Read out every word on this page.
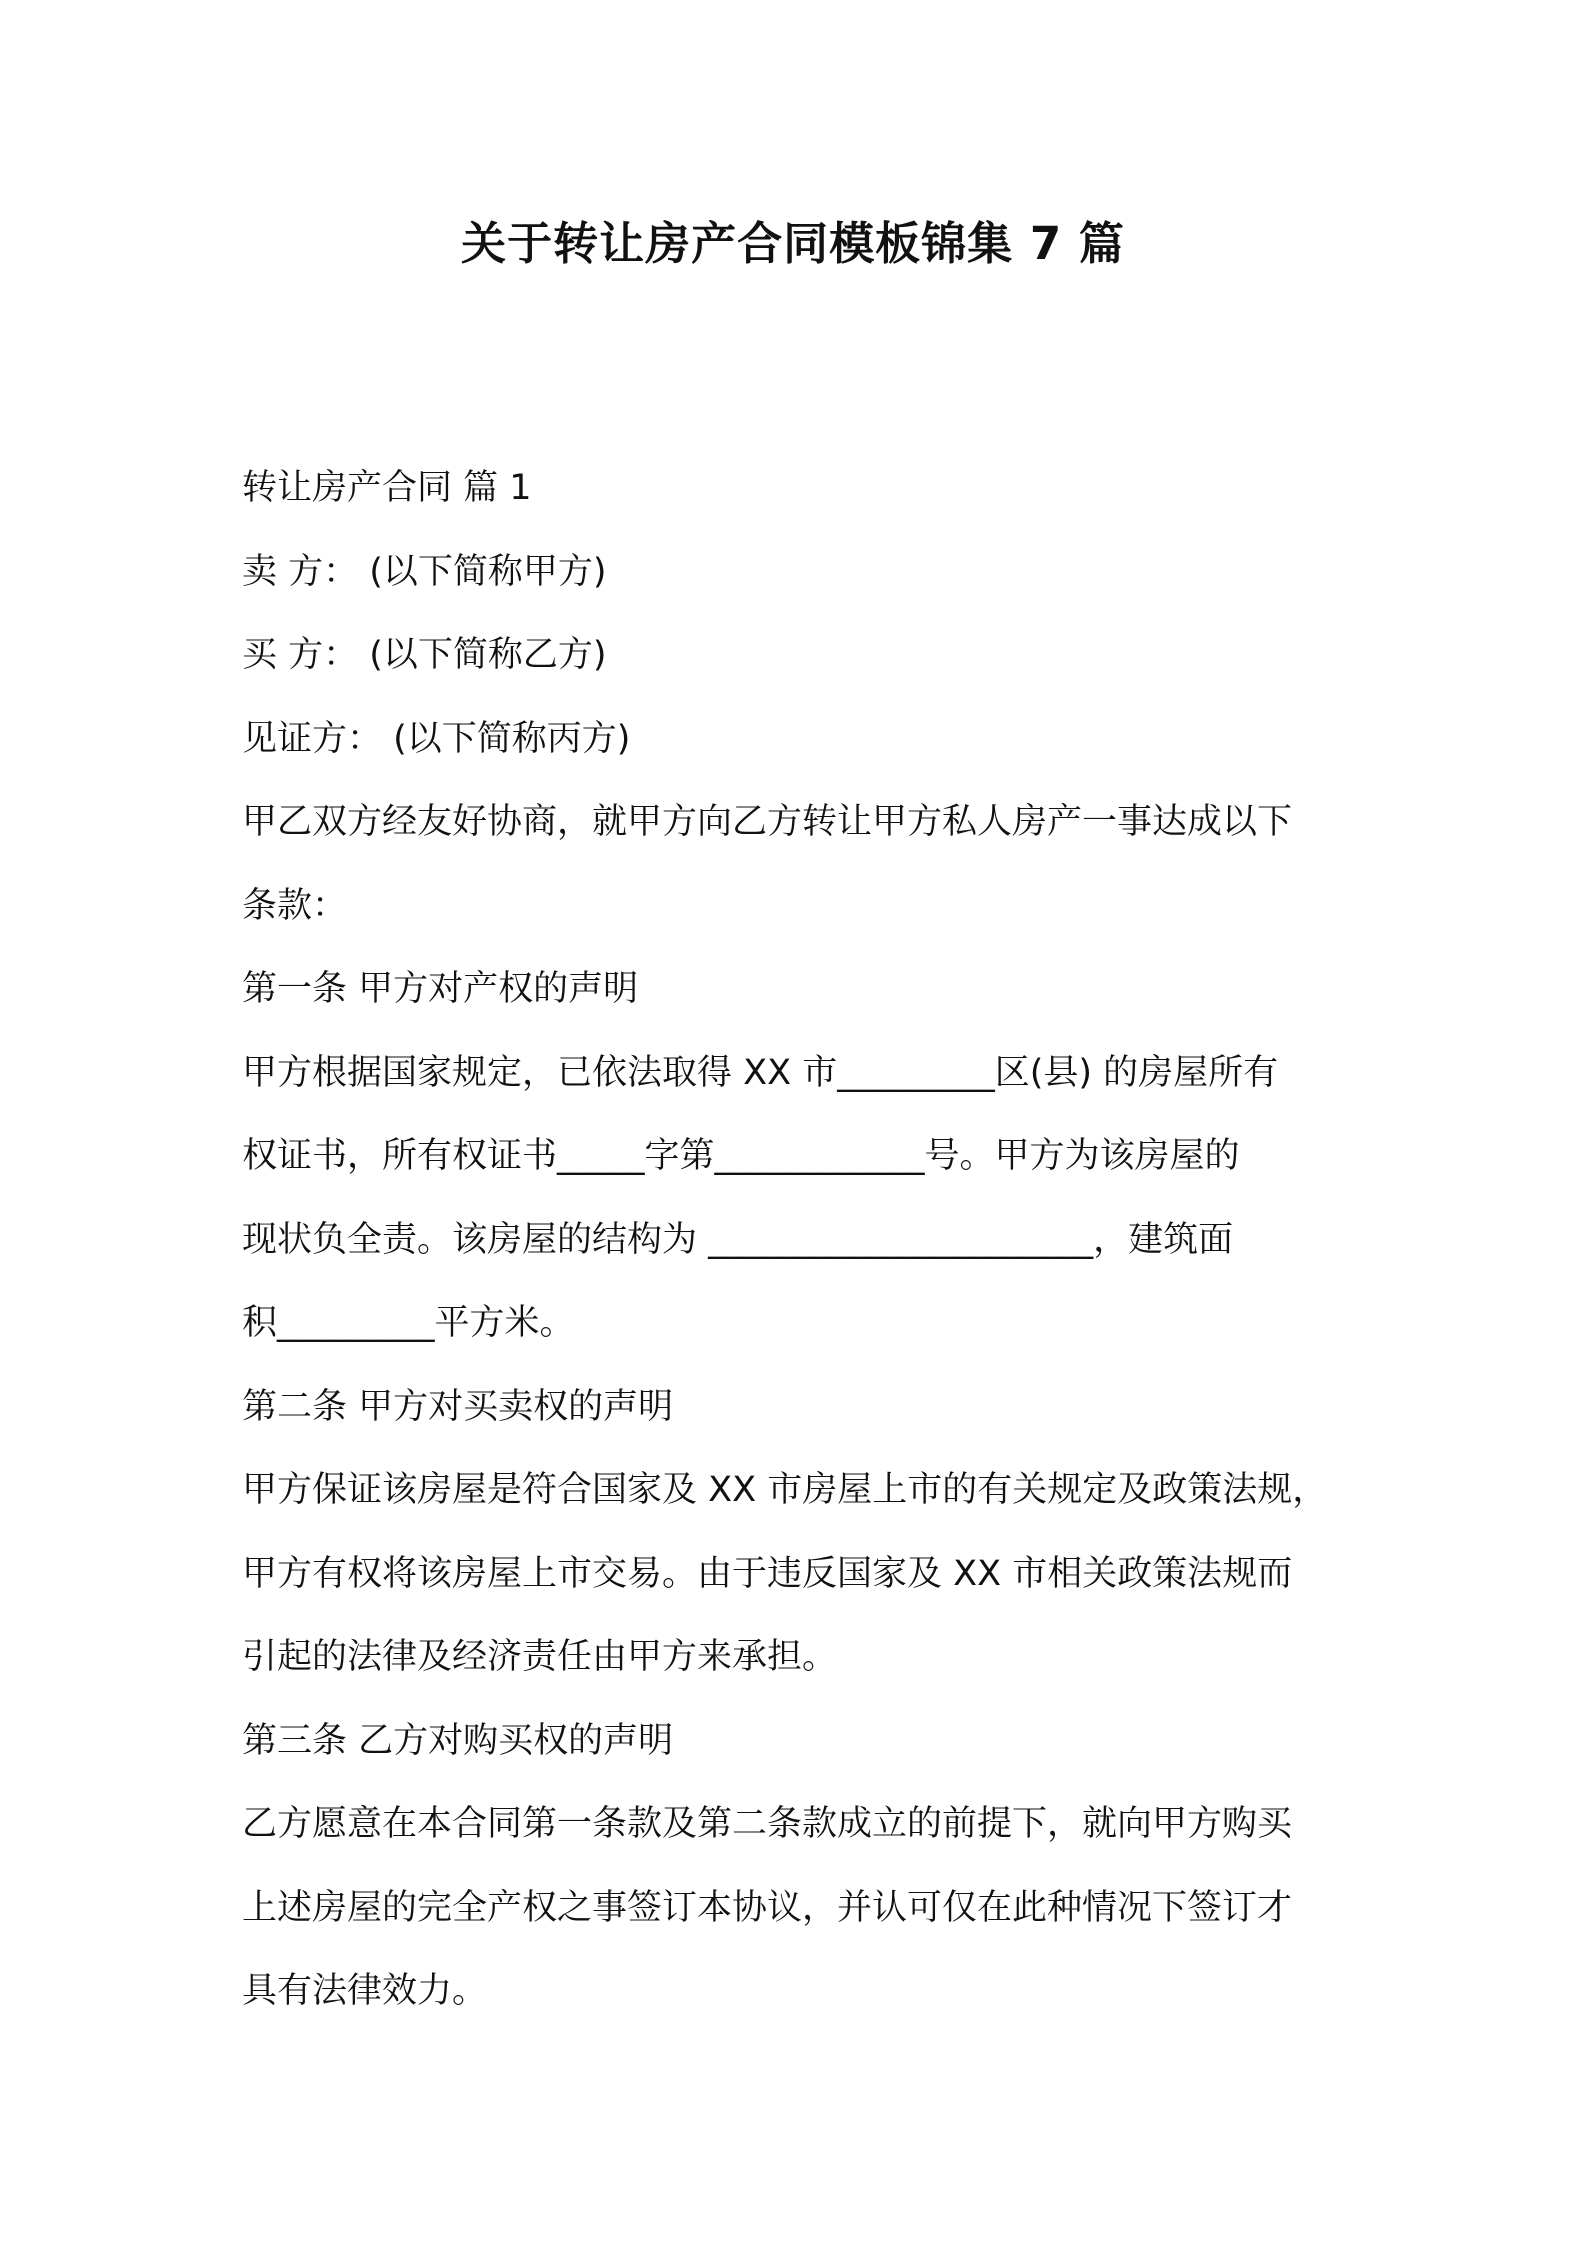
关于转让房产合同模板锦集 7 篇
转让房产合同 篇 1
卖 方： (以下简称甲方)
买 方： (以下简称乙方)
见证方： (以下简称丙方)
甲乙双方经友好协商，就甲方向乙方转让甲方私人房产一事达成以下
条款：
第一条 甲方对产权的声明
甲方根据国家规定，已依法取得 XX 市_________区(县) 的房屋所有
权证书，所有权证书_____字第____________号。甲方为该房屋的
现状负全责。该房屋的结构为 ______________________，建筑面
积_________平方米。
第二条 甲方对买卖权的声明
甲方保证该房屋是符合国家及 XX 市房屋上市的有关规定及政策法规，
甲方有权将该房屋上市交易。由于违反国家及 XX 市相关政策法规而
引起的法律及经济责任由甲方来承担。
第三条 乙方对购买权的声明
乙方愿意在本合同第一条款及第二条款成立的前提下，就向甲方购买
上述房屋的完全产权之事签订本协议，并认可仅在此种情况下签订才
具有法律效力。
